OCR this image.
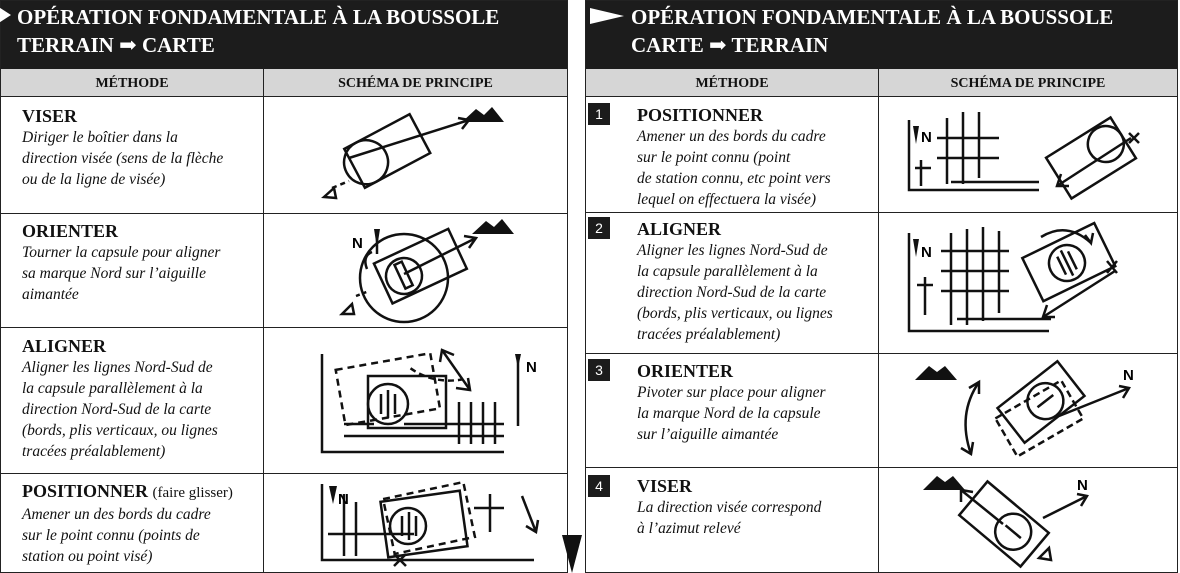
OPÉRATION FONDAMENTALE À LA BOUSSOLE
TERRAIN ➡ CARTE
MÉTHODE	SCHÉMA DE PRINCIPE
VISER
Diriger le boîtier dans la
direction visée (sens de la flèche
ou de la ligne de visée)
ORIENTER
Tourner la capsule pour aligner
sa marque Nord sur l’aiguille
aimantée
ALIGNER
Aligner les lignes Nord-Sud de
la capsule parallèlement à la
direction Nord-Sud de la carte
(bords, plis verticaux, ou lignes
tracées préalablement)
POSITIONNER (faire glisser)
Amener un des bords du cadre
sur le point connu (points de
station ou point visé)
N
N
N
OPÉRATION FONDAMENTALE À LA BOUSSOLE
CARTE ➡ TERRAIN
MÉTHODE	SCHÉMA DE PRINCIPE
1	POSITIONNER
Amener un des bords du cadre
sur le point connu (point
de station connu, etc point vers
lequel on effectuera la visée)
2	ALIGNER
Aligner les lignes Nord-Sud de
la capsule parallèlement à la
direction Nord-Sud de la carte
(bords, plis verticaux, ou lignes
tracées préalablement)
3	ORIENTER
Pivoter sur place pour aligner
la marque Nord de la capsule
sur l’aiguille aimantée
4	VISER
La direction visée correspond
à l’azimut relevé
N
N
N
N
